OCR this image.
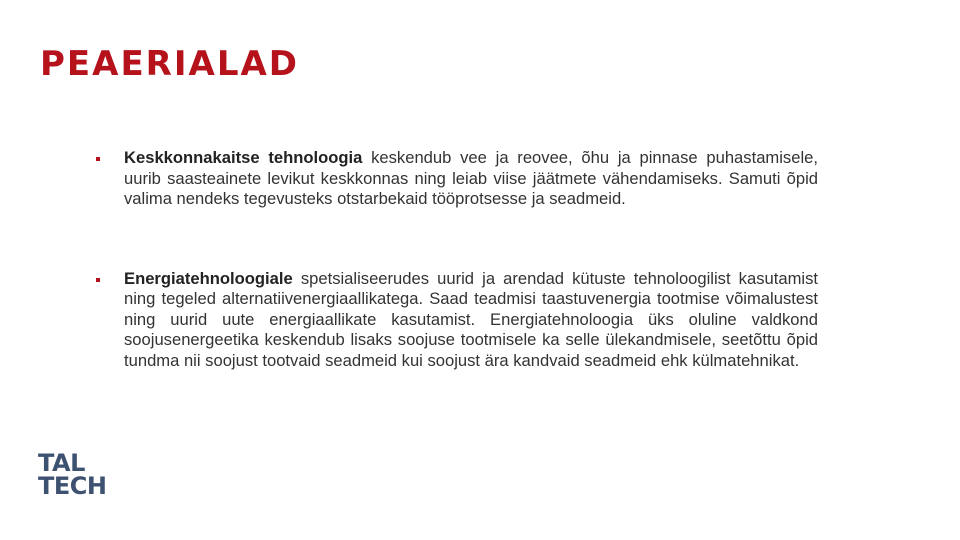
PEAERIALAD
Keskkonnakaitse tehnoloogia keskendub vee ja reovee, õhu ja pinnase puhastamisele, uurib saasteainete levikut keskkonnas ning leiab viise jäätmete vähendamiseks. Samuti õpid valima nendeks tegevusteks otstarbekaid tööprotsesse ja seadmeid.
Energiatehnoloogiale spetsialiseerudes uurid ja arendad kütuste tehnoloogilist kasutamist ning tegeled alternatiivenergiaallikatega. Saad teadmisi taastuvenergia tootmise võimalustest ning uurid uute energiaallikate kasutamist. Energiatehnoloogia üks oluline valdkond soojusenergeetika keskendub lisaks soojuse tootmisele ka selle ülekandmisele, seetõttu õpid tundma nii soojust tootvaid seadmeid kui soojust ära kandvaid seadmeid ehk külmatehnikat.
TAL
TECH
